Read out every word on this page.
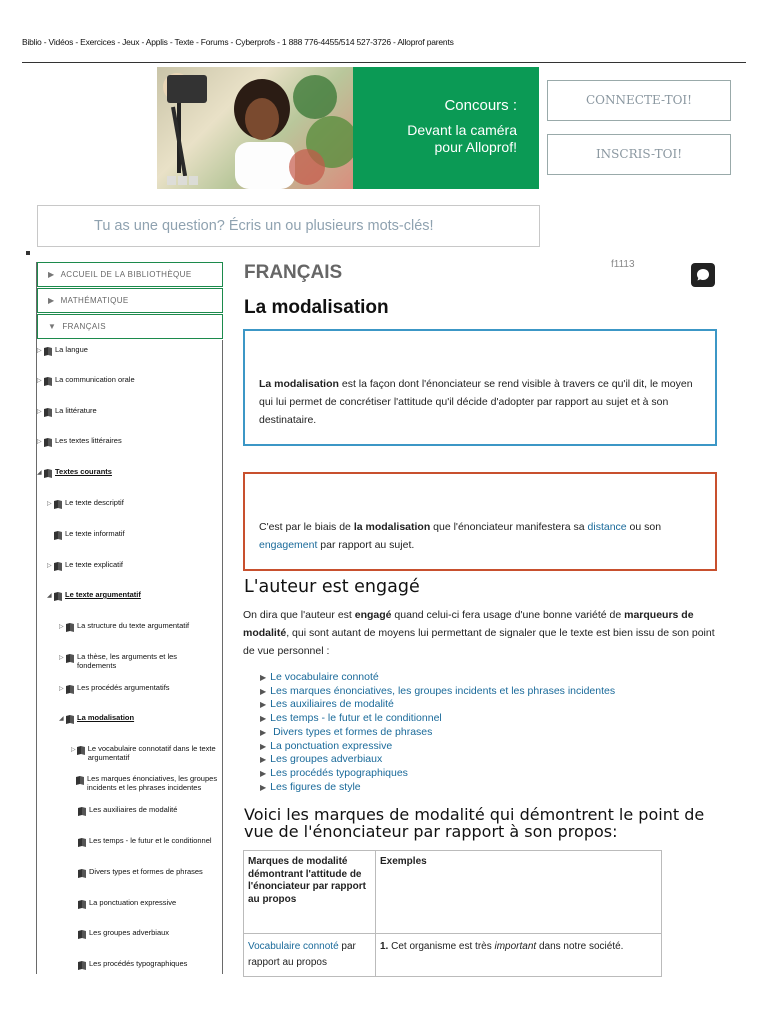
Biblio - Vidéos - Exercices - Jeux - Applis - Texte - Forums - Cyberprofs - 1 888 776-4455/514 527-3726 - Alloprof parents
Concours :
Devant la caméra
pour Alloprof!
CONNECTE-TOI!
INSCRIS-TOI!
Tu as une question? Écris un ou plusieurs mots-clés!
▶ ACCUEIL DE LA BIBLIOTHÈQUE
▶ MATHÉMATIQUE
▼ FRANÇAIS
▷ La langue
▷ La communication orale
▷ La littérature
▷ Les textes littéraires
◢ Textes courants
▷ Le texte descriptif
Le texte informatif
▷ Le texte explicatif
◢ Le texte argumentatif
▷ La structure du texte argumentatif
▷ La thèse, les arguments et les fondements
▷ Les procédés argumentatifs
◢ La modalisation
▷ Le vocabulaire connotatif dans le texte argumentatif
Les marques énonciatives, les groupes incidents et les phrases incidentes
Les auxiliaires de modalité
Les temps - le futur et le conditionnel
Divers types et formes de phrases
La ponctuation expressive
Les groupes adverbiaux
Les procédés typographiques
FRANÇAIS	f1113
La modalisation
La modalisation est la façon dont l'énonciateur se rend visible à travers ce qu'il dit, le moyen qui lui permet de concrétiser l'attitude qu'il décide d'adopter par rapport au sujet et à son destinataire.
C'est par le biais de la modalisation que l'énonciateur manifestera sa distance ou son
engagement par rapport au sujet.
L'auteur est engagé
On dira que l'auteur est engagé quand celui-ci fera usage d'une bonne variété de marqueurs de modalité, qui sont autant de moyens lui permettant de signaler que le texte est bien issu de son point de vue personnel :
▶ Le vocabulaire connoté
▶ Les marques énonciatives, les groupes incidents et les phrases incidentes
▶ Les auxiliaires de modalité
▶ Les temps - le futur et le conditionnel
▶ Divers types et formes de phrases
▶ La ponctuation expressive
▶ Les groupes adverbiaux
▶ Les procédés typographiques
▶ Les figures de style
Voici les marques de modalité qui démontrent le point de vue de l'énonciateur par rapport à son propos:
Marques de modalité démontrant l'attitude de l'énonciateur par rapport au propos	Exemples
Vocabulaire connoté par rapport au propos	1. Cet organisme est très important dans notre société.
